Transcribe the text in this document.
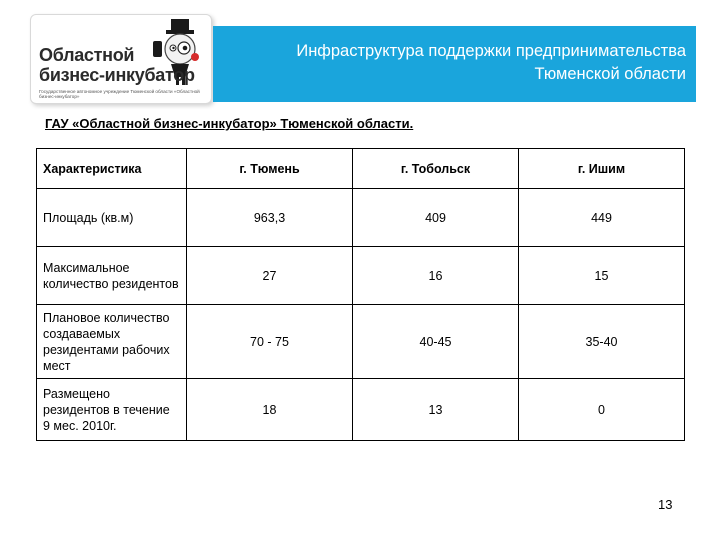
Областной
бизнес-инкубатор
Государственное автономное учреждение Тюменской области «Областной бизнес-инкубатор»
Инфраструктура поддержки предпринимательства
Тюменской области
ГАУ «Областной бизнес-инкубатор» Тюменской области.
Характеристика	г. Тюмень	г. Тобольск	г. Ишим
Площадь (кв.м)	963,3	409	449
Максимальное количество резидентов	27	16	15
Плановое количество создаваемых резидентами рабочих мест	70 - 75	40-45	35-40
Размещено резидентов в течение 9 мес. 2010г.	18	13	0
13
